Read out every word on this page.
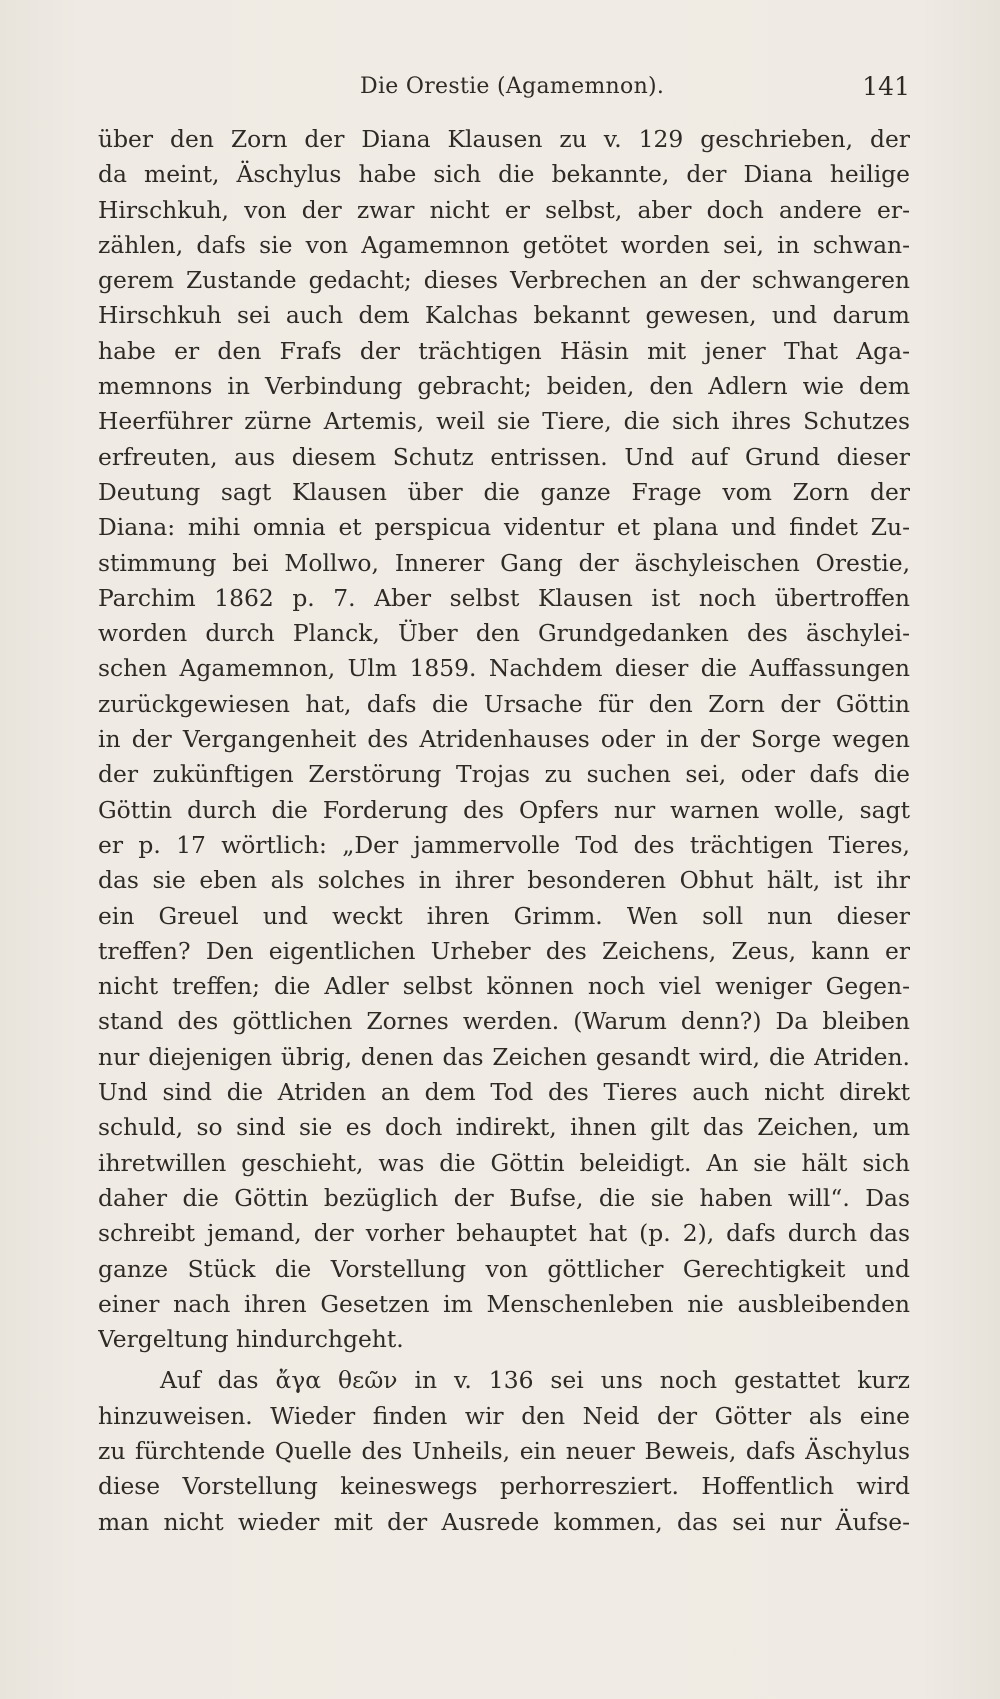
Die Orestie (Agamemnon).	141
über den Zorn der Diana Klausen zu v. 129 geschrieben, der
da meint, Äschylus habe sich die bekannte, der Diana heilige
Hirschkuh, von der zwar nicht er selbst, aber doch andere er-
zählen, dafs sie von Agamemnon getötet worden sei, in schwan-
gerem Zustande gedacht; dieses Verbrechen an der schwangeren
Hirschkuh sei auch dem Kalchas bekannt gewesen, und darum
habe er den Frafs der trächtigen Häsin mit jener That Aga-
memnons in Verbindung gebracht; beiden, den Adlern wie dem
Heerführer zürne Artemis, weil sie Tiere, die sich ihres Schutzes
erfreuten, aus diesem Schutz entrissen. Und auf Grund dieser
Deutung sagt Klausen über die ganze Frage vom Zorn der
Diana: mihi omnia et perspicua videntur et plana und findet Zu-
stimmung bei Mollwo, Innerer Gang der äschyleischen Orestie,
Parchim 1862 p. 7. Aber selbst Klausen ist noch übertroffen
worden durch Planck, Über den Grundgedanken des äschylei-
schen Agamemnon, Ulm 1859. Nachdem dieser die Auffassungen
zurückgewiesen hat, dafs die Ursache für den Zorn der Göttin
in der Vergangenheit des Atridenhauses oder in der Sorge wegen
der zukünftigen Zerstörung Trojas zu suchen sei, oder dafs die
Göttin durch die Forderung des Opfers nur warnen wolle, sagt
er p. 17 wörtlich: „Der jammervolle Tod des trächtigen Tieres,
das sie eben als solches in ihrer besonderen Obhut hält, ist ihr
ein Greuel und weckt ihren Grimm. Wen soll nun dieser
treffen? Den eigentlichen Urheber des Zeichens, Zeus, kann er
nicht treffen; die Adler selbst können noch viel weniger Gegen-
stand des göttlichen Zornes werden. (Warum denn?) Da bleiben
nur diejenigen übrig, denen das Zeichen gesandt wird, die Atriden.
Und sind die Atriden an dem Tod des Tieres auch nicht direkt
schuld, so sind sie es doch indirekt, ihnen gilt das Zeichen, um
ihretwillen geschieht, was die Göttin beleidigt. An sie hält sich
daher die Göttin bezüglich der Bufse, die sie haben will“. Das
schreibt jemand, der vorher behauptet hat (p. 2), dafs durch das
ganze Stück die Vorstellung von göttlicher Gerechtigkeit und
einer nach ihren Gesetzen im Menschenleben nie ausbleibenden
Vergeltung hindurchgeht.
Auf das ἄγα θεῶν in v. 136 sei uns noch gestattet kurz
hinzuweisen. Wieder finden wir den Neid der Götter als eine
zu fürchtende Quelle des Unheils, ein neuer Beweis, dafs Äschylus
diese Vorstellung keineswegs perhorresziert. Hoffentlich wird
man nicht wieder mit der Ausrede kommen, das sei nur Äufse-
